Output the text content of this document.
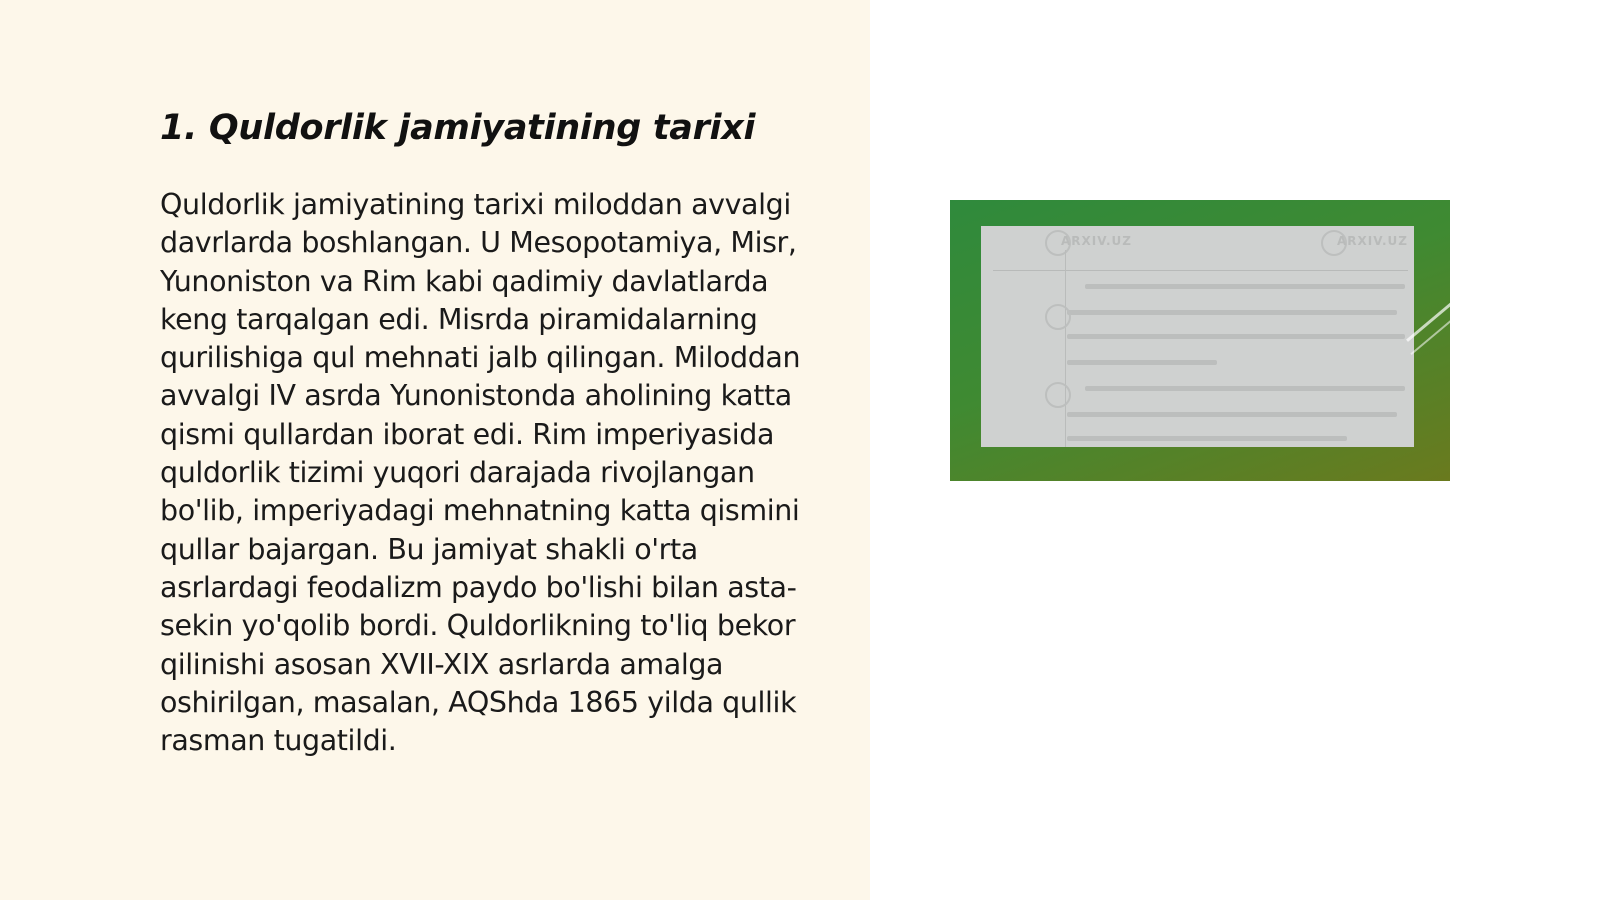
1. Quldorlik jamiyatining tarixi

Quldorlik jamiyatining tarixi miloddan avvalgi davrlarda boshlangan. U Mesopotamiya, Misr, Yunoniston va Rim kabi qadimiy davlatlarda keng tarqalgan edi. Misrda piramidalarning qurilishiga qul mehnati jalb qilingan. Miloddan avvalgi IV asrda Yunonistonda aholining katta qismi qullardan iborat edi. Rim imperiyasida quldorlik tizimi yuqori darajada rivojlangan bo'lib, imperiyadagi mehnatning katta qismini qullar bajargan. Bu jamiyat shakli o'rta asrlardagi feodalizm paydo bo'lishi bilan asta-sekin yo'qolib bordi. Quldorlikning to'liq bekor qilinishi asosan XVII-XIX asrlarda amalga oshirilgan, masalan, AQShda 1865 yilda qullik rasman tugatildi.

ARXIV.UZ	ARXIV.UZ
